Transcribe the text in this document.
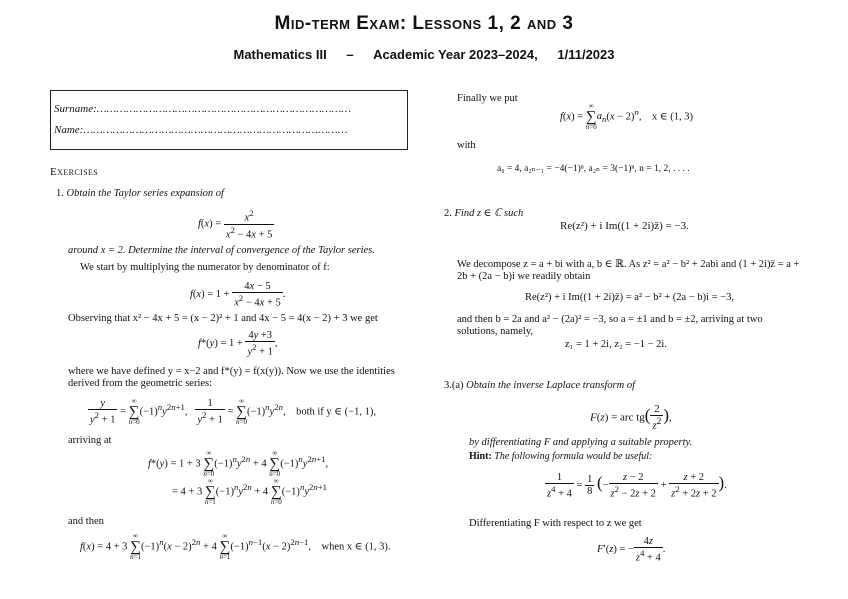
Mid-term Exam: Lessons 1, 2 and 3
Mathematics III – Academic Year 2023–2024, 1/11/2023
Surname:……………………………………………………………………
Name:………………………………………………………………………
Exercises
1. Obtain the Taylor series expansion of
$f(x) = \frac{x^2}{x^2 - 4x + 5}$
around x = 2. Determine the interval of convergence of the Taylor series.
We start by multiplying the numerator by denominator of f:
$f(x) = 1 + \frac{4x - 5}{x^2 - 4x + 5}$ .
Observing that x² − 4x + 5 = (x − 2)² + 1 and 4x − 5 = 4(x − 2) + 3 we get
$f*(y) = 1 + \frac{4y +3}{y^2 + 1}$ ,
where we have defined y = x−2 and f*(y) = f(x(y)). Now we use the identities derived from the geometric series:
$\frac{y}{y^2 + 1}$ = ∞
∑
$n=0(-1)^ny^{2n+1}$, $\frac{1}{y^2 + 1}$ = ∞
∑
$n=0(-1)^ny^{2n}$,    both if y ∈ (−1, 1),
arriving at
f*(y) = 1 + 3 ∞
∑
$n=0(-1)^ny^{2n} + 4$ ∞
∑
$n=0(-1)^ny^{2n+1}$,
= 4 + 3 ∞
∑
$n=1(-1)^ny^{2n} + 4$ ∞
∑
$n=0(-1)^ny^{2n+1}$
and then
f(x) = 4 + 3 ∞
∑
$n=1(-1)^n(x - 2)^{2n} + 4$ ∞
∑
$n=1(-1)^{n-1}(x - 2)^{2n-1}$,    when x ∈ (1, 3).
Finally we put
f(x) = ∞
∑
$n=0a_n(x - 2)^n$,    x ∈ (1, 3)
with
a₀ = 4, a₂ₙ₋₁ = −4(−1)ⁿ, a₂ₙ = 3(−1)ⁿ, n = 1, 2, . . . .
2. Find z ∈ ℂ such
Re(z²) + i Im((1 + 2i)z̄) = −3.
We decompose z = a + bi with a, b ∈ ℝ. As z² = a² − b² + 2abi and (1 + 2i)z̄ = a + 2b + (2a − b)i we readily obtain
Re(z²) + i Im((1 + 2i)z̄) = a² − b² + (2a − b)i = −3,
and then b = 2a and a² − (2a)² = −3, so a = ±1 and b = ±2, arriving at two solutions, namely,
z₁ = 1 + 2i, z₂ = −1 − 2i.
3.(a) Obtain the inverse Laplace transform of
F(z) = arc $tg( \frac{2}{z^2}$ ),
by differentiating F and applying a suitable property.
Hint: The following formula would be useful:
$\frac{1}{z^4 + 4} = \frac{1}{8}$ (− $\frac{z - 2}{z^2 - 2z + 2} + \frac{z + 2}{z^2 + 2z + 2}$ ).
Differentiating F with respect to z we get
F′(z) = − $\frac{4z}{z^4 + 4}$ .
